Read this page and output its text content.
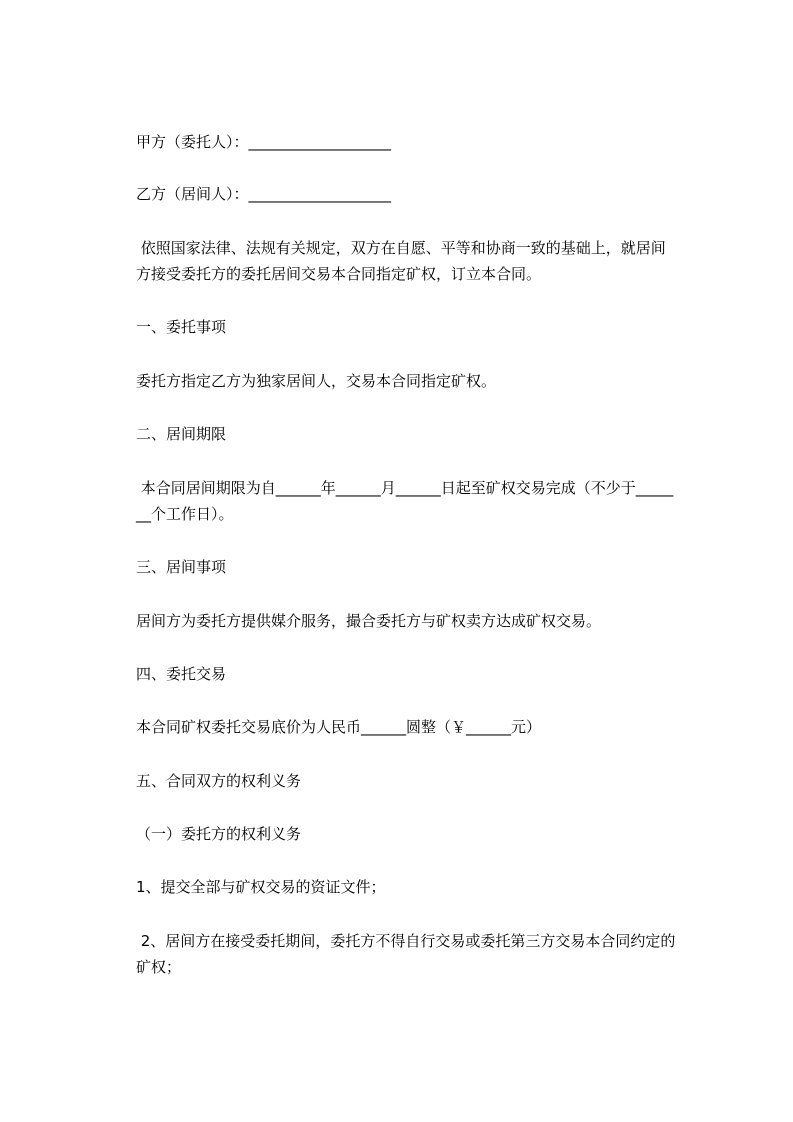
甲方（委托人）：___________________

乙方（居间人）：___________________

依照国家法律、法规有关规定，双方在自愿、平等和协商一致的基础上，就居间

方接受委托方的委托居间交易本合同指定矿权，订立本合同。

一、委托事项

委托方指定乙方为独家居间人，交易本合同指定矿权。

二、居间期限

本合同居间期限为自______年______月______日起至矿权交易完成（不少于_____

__个工作日）。

三、居间事项

居间方为委托方提供媒介服务，撮合委托方与矿权卖方达成矿权交易。

四、委托交易

本合同矿权委托交易底价为人民币______圆整（￥______元）

五、合同双方的权利义务

（一）委托方的权利义务

1、提交全部与矿权交易的资证文件；

2、居间方在接受委托期间，委托方不得自行交易或委托第三方交易本合同约定的

矿权；
